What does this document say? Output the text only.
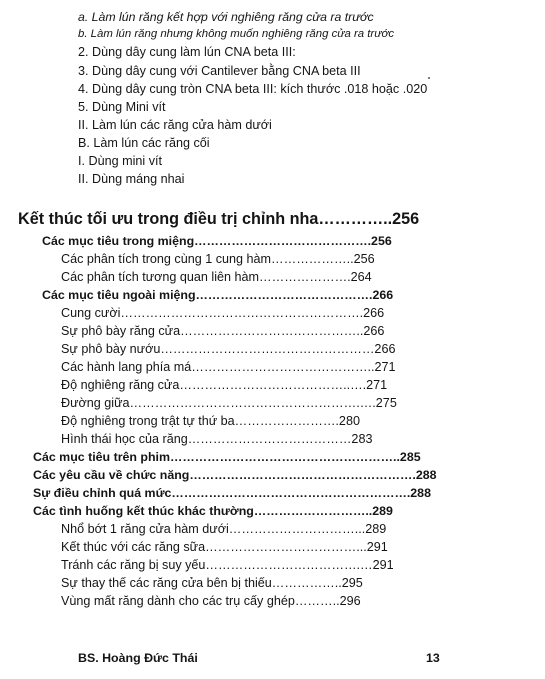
a. Làm lún răng kết hợp với nghiêng răng cửa ra trước
b. Làm lún răng nhưng không muốn nghiêng răng cửa ra trước
2. Dùng dây cung làm lún CNA beta III:
3. Dùng dây cung với Cantilever bằng CNA beta III
4. Dùng dây cung tròn CNA beta III: kích thước .018 hoặc .020
5. Dùng Mini vít
II. Làm lún các răng cửa hàm dưới
B. Làm lún các răng cối
I. Dùng mini vít
II. Dùng máng nhai
Kết thúc tối ưu trong điều trị chỉnh nha…………..256
Các mục tiêu trong miệng…………………………………….256
Các phân tích trong cùng 1 cung hàm………………..256
Các phân tích tương quan liên hàm………………….264
Các mục tiêu ngoài miệng…………………………………….266
Cung cười………………………………………………….266
Sự phô bày răng cửa……………………………………..266
Sự phô bày nướu……………………………………………266
Các hành lang phía má……………………………………..271
Độ nghiêng răng cửa…………………………………..….271
Đường giữa……………………………………………….….275
Độ nghiêng trong trật tự thứ ba…………………….280
Hình thái học của răng…………………………………283
Các mục tiêu trên phim………………………………………………..285
Các yêu cầu về chức năng……………………………………………….288
Sự điều chỉnh quá mức………………………………………………….288
Các tình huống kết thúc khác thường………………………..289
Nhổ bớt 1 răng cửa hàm dưới…………………………...289
Kết thúc với các răng sữa………………………………...291
Tránh các răng bị suy yếu……………………………….…291
Sự thay thế các răng cửa bên bị thiếu……………..295
Vùng mất răng dành cho các trụ cấy ghép………..296
BS. Hoàng Đức Thái	13
